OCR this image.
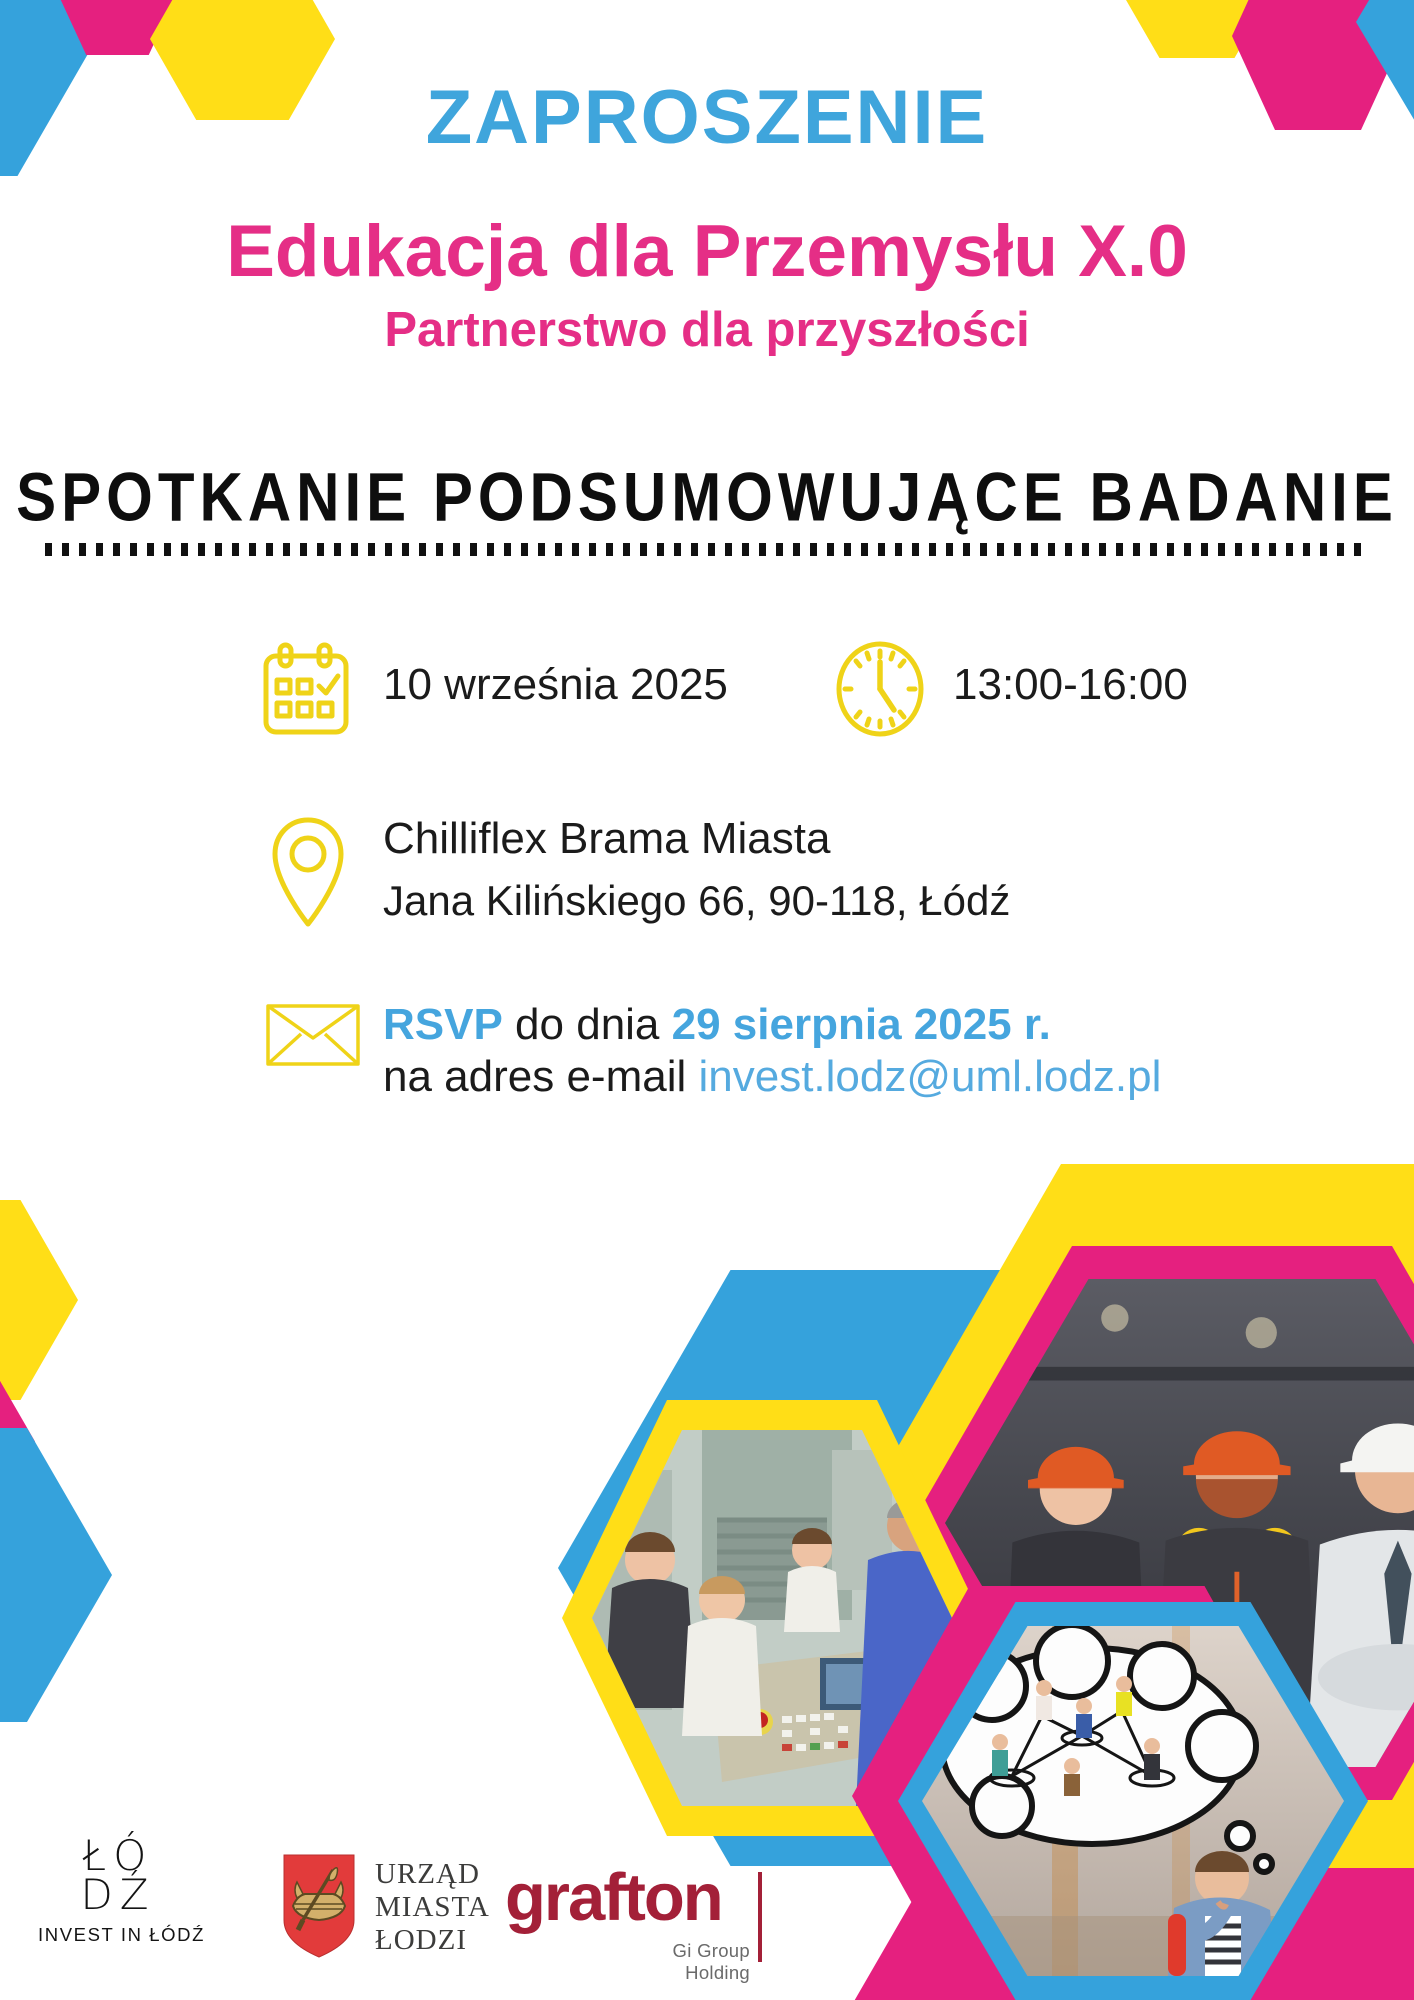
ZAPROSZENIE
Edukacja dla Przemysłu X.0
Partnerstwo dla przyszłości
SPOTKANIE PODSUMOWUJĄCE BADANIE
10 września 2025	13:00-16:00
Chilliflex Brama Miasta
Jana Kilińskiego 66, 90-118, Łódź
RSVP do dnia 29 sierpnia 2025 r.
na adres e-mail invest.lodz@uml.lodz.pl
ŁÓ
DŹ
INVEST IN ŁÓDŹ
URZĄD
MIASTA
ŁODZI
grafton
Gi Group Holding
